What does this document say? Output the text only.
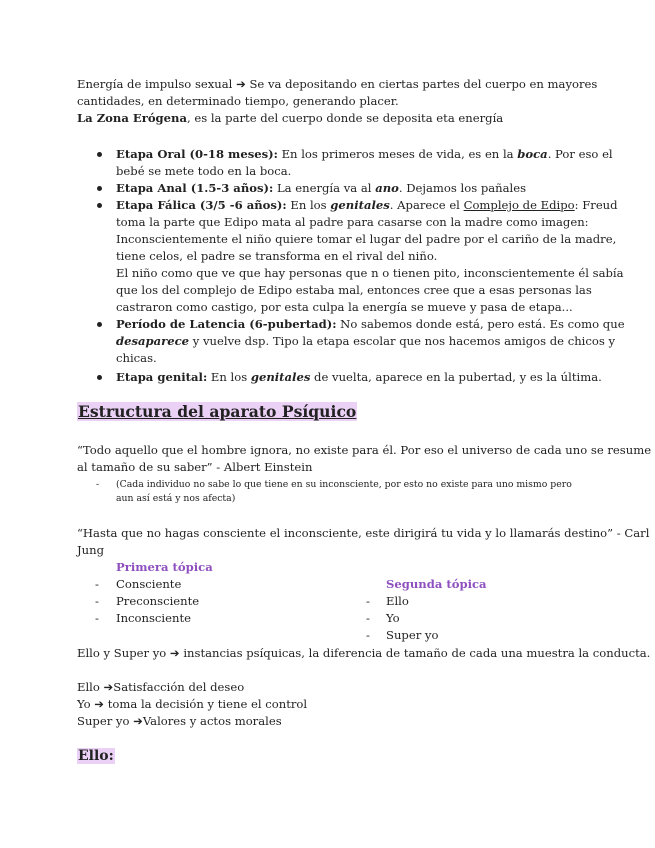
Energía de impulso sexual ➔ Se va depositando en ciertas partes del cuerpo en mayores
cantidades, en determinado tiempo, generando placer.
La Zona Erógena, es la parte del cuerpo donde se deposita eta energía
Etapa Oral (0-18 meses): En los primeros meses de vida, es en la boca. Por eso el
bebé se mete todo en la boca.
Etapa Anal (1.5-3 años): La energía va al ano. Dejamos los pañales
Etapa Fálica (3/5 -6 años): En los genitales. Aparece el Complejo de Edipo: Freud
toma la parte que Edipo mata al padre para casarse con la madre como imagen:
Inconscientemente el niño quiere tomar el lugar del padre por el cariño de la madre,
tiene celos, el padre se transforma en el rival del niño.
El niño como que ve que hay personas que n o tienen pito, inconscientemente él sabía
que los del complejo de Edipo estaba mal, entonces cree que a esas personas las
castraron como castigo, por esta culpa la energía se mueve y pasa de etapa...
Período de Latencia (6-pubertad): No sabemos donde está, pero está. Es como que
desaparece y vuelve dsp. Tipo la etapa escolar que nos hacemos amigos de chicos y
chicas.
Etapa genital: En los genitales de vuelta, aparece en la pubertad, y es la última.
Estructura del aparato Psíquico
“Todo aquello que el hombre ignora, no existe para él. Por eso el universo de cada uno se resume
al tamaño de su saber” - Albert Einstein
- (Cada individuo no sabe lo que tiene en su inconsciente, por esto no existe para uno mismo pero
aun así está y nos afecta)
“Hasta que no hagas consciente el inconsciente, este dirigirá tu vida y lo llamarás destino” - Carl
Jung
Primera tópica
- Consciente
- Preconsciente
- Inconsciente
Segunda tópica
- Ello
- Yo
- Super yo
Ello y Super yo ➔ instancias psíquicas, la diferencia de tamaño de cada una muestra la conducta.
Ello ➔Satisfacción del deseo
Yo ➔ toma la decisión y tiene el control
Super yo ➔Valores y actos morales
Ello:
